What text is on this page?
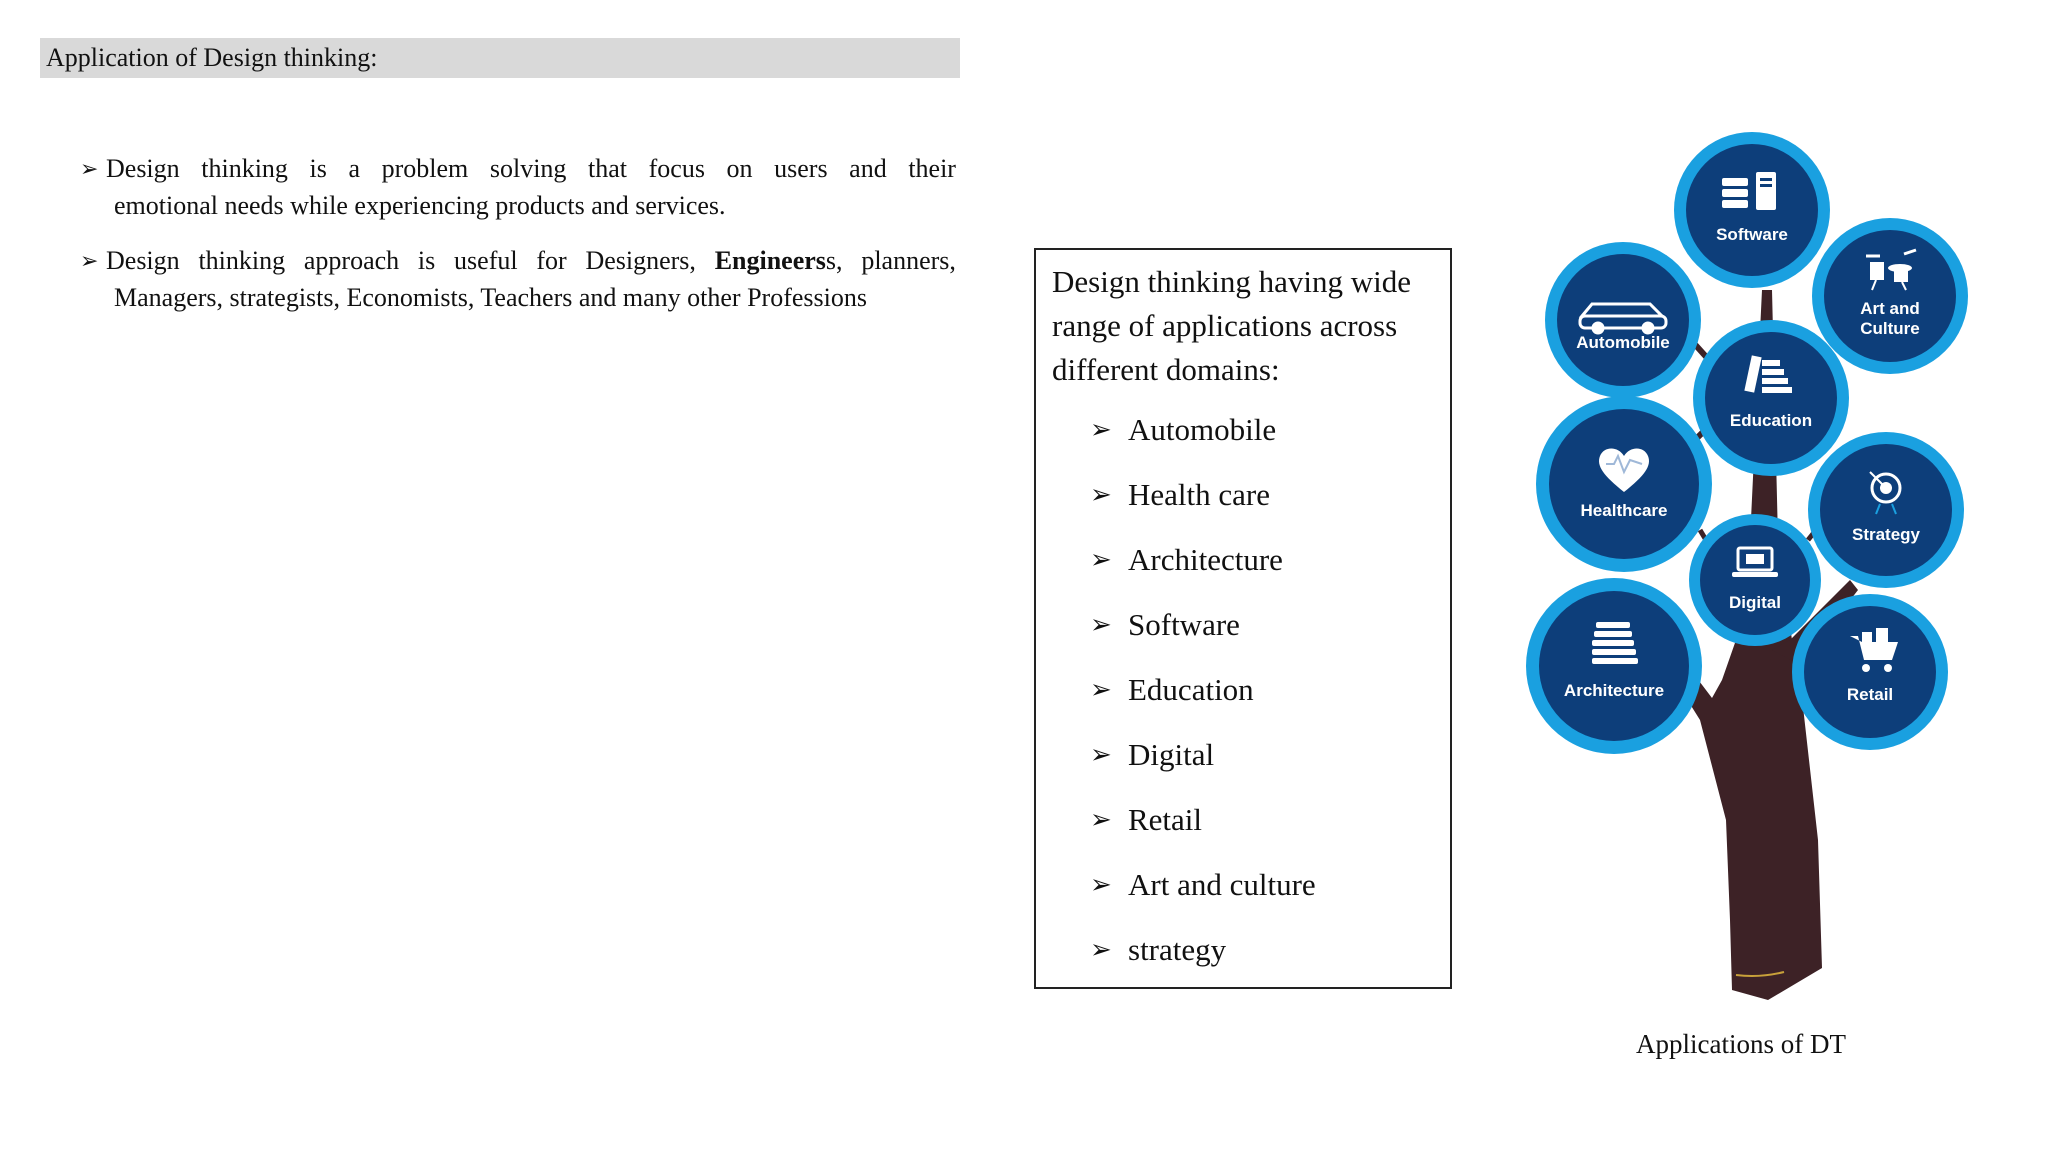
Application of Design thinking:
➢ Design thinking is a problem solving that focus on users and their
emotional needs while experiencing products and services.
➢ Design thinking approach is useful for Designers, Engineerss, planners,
Managers, strategists, Economists, Teachers and many other Professions	Design thinking having wide range of applications across different domains:
➢ Automobile
➢ Health care
➢ Architecture
➢ Software
➢ Education
➢ Digital
➢ Retail
➢ Art and culture
➢ strategy
Software
Automobile
Art and
Culture
Education
Healthcare
Strategy
Digital
Architecture	Retail
Applications of DT
